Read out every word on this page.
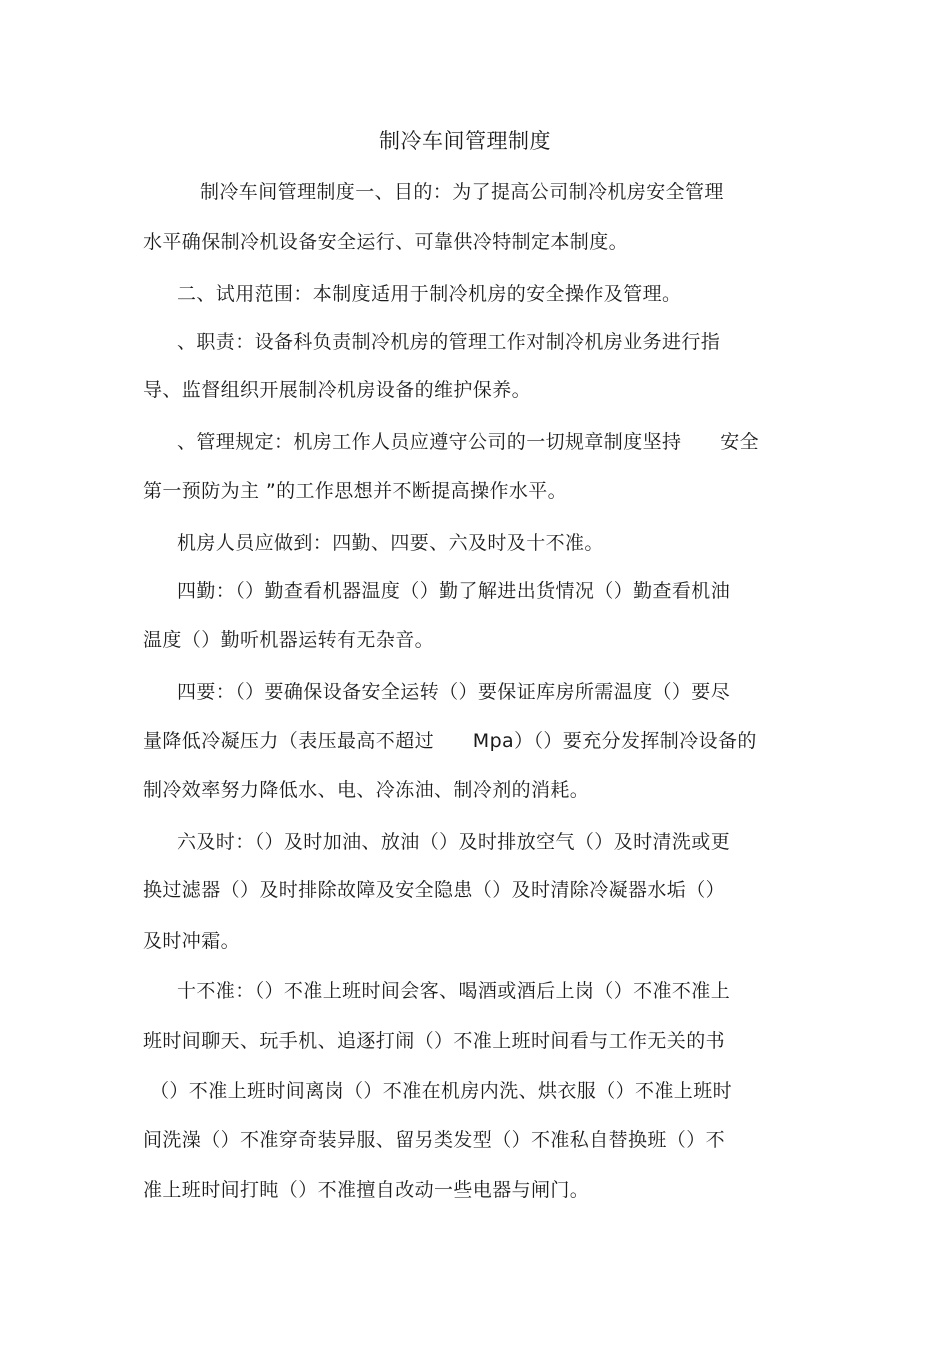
制冷车间管理制度
制冷车间管理制度一、目的：为了提高公司制冷机房安全管理
水平确保制冷机设备安全运行、可靠供冷特制定本制度。
二、试用范围：本制度适用于制冷机房的安全操作及管理。
、职责：设备科负责制冷机房的管理工作对制冷机房业务进行指
导、监督组织开展制冷机房设备的维护保养。
、管理规定：机房工作人员应遵守公司的一切规章制度坚持　　安全
第一预防为主 ”的工作思想并不断提高操作水平。
机房人员应做到：四勤、四要、六及时及十不准。
四勤：（）勤查看机器温度（）勤了解进出货情况（）勤查看机油
温度（）勤听机器运转有无杂音。
四要：（）要确保设备安全运转（）要保证库房所需温度（）要尽
量降低冷凝压力（表压最高不超过　　Mpa）（）要充分发挥制冷设备的
制冷效率努力降低水、电、冷冻油、制冷剂的消耗。
六及时：（）及时加油、放油（）及时排放空气（）及时清洗或更
换过滤器（）及时排除故障及安全隐患（）及时清除冷凝器水垢（）
及时冲霜。
十不准：（）不准上班时间会客、喝酒或酒后上岗（）不准不准上
班时间聊天、玩手机、追逐打闹（）不准上班时间看与工作无关的书
（）不准上班时间离岗（）不准在机房内洗、烘衣服（）不准上班时
间洗澡（）不准穿奇装异服、留另类发型（）不准私自替换班（）不
准上班时间打盹（）不准擅自改动一些电器与闸门。
